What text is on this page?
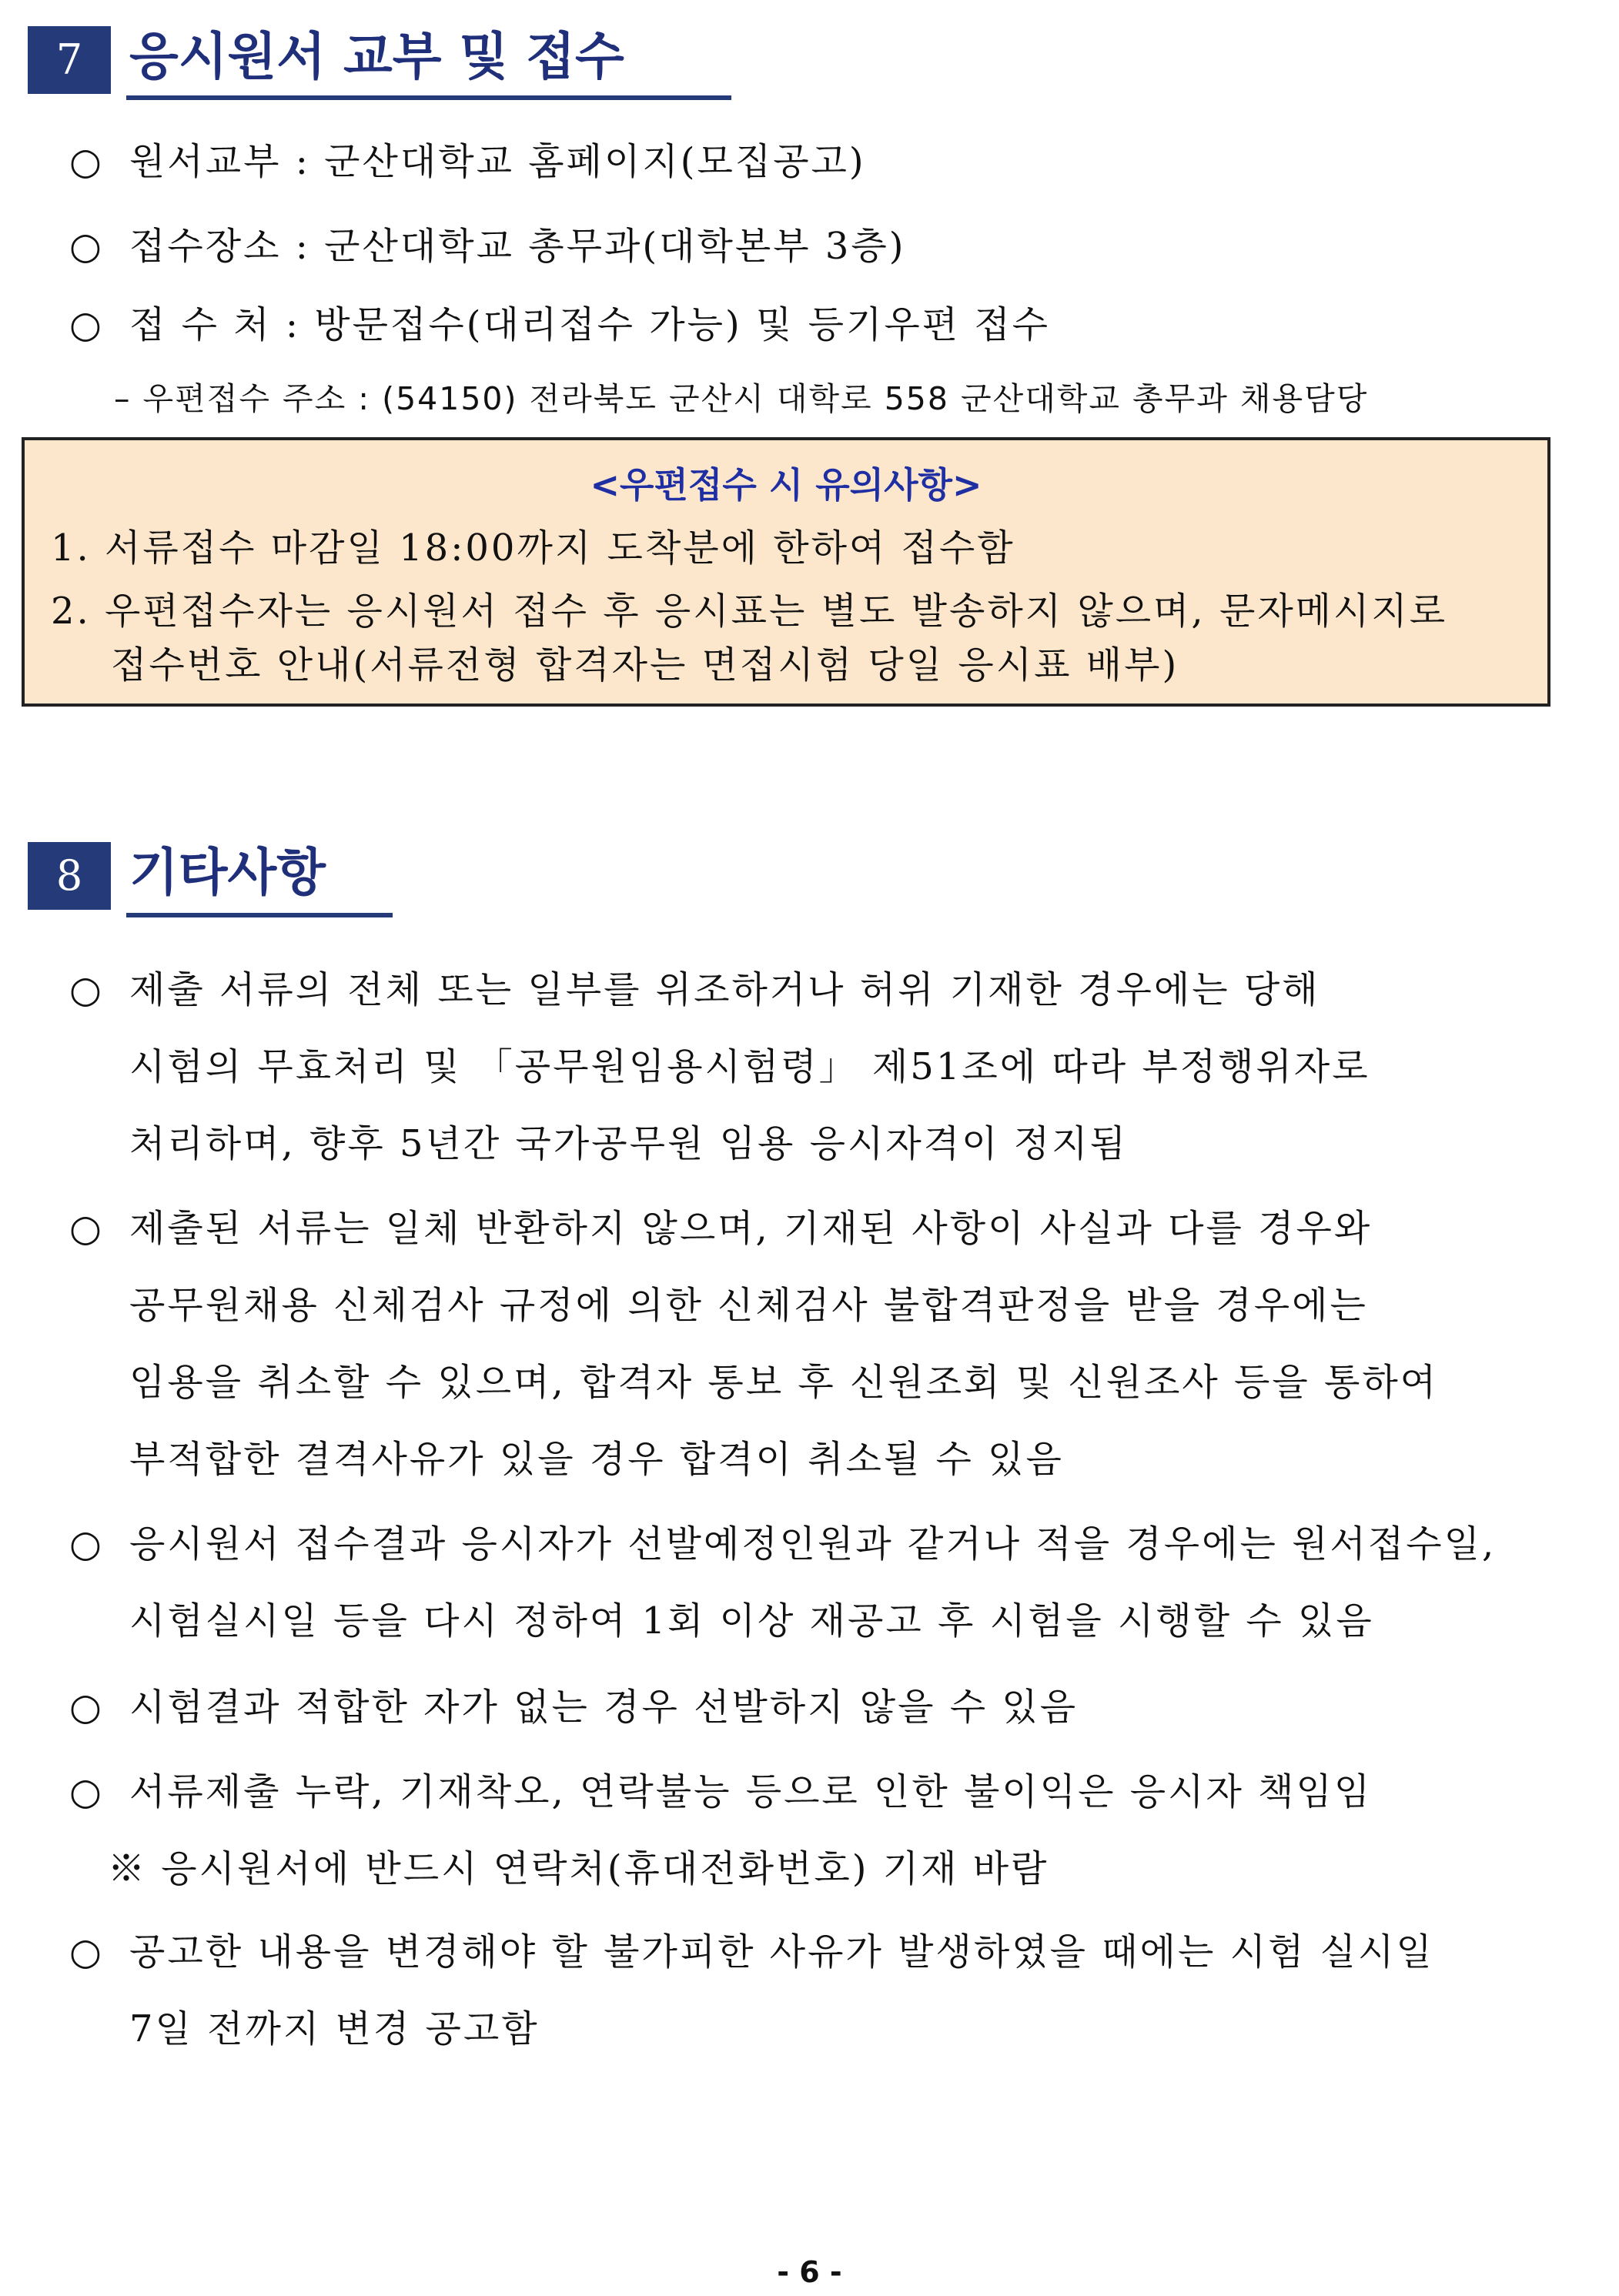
7 응시원서 교부 및 접수
○ 원서교부 : 군산대학교 홈페이지(모집공고)
○ 접수장소 : 군산대학교 총무과(대학본부 3층)
○ 접 수 처 : 방문접수(대리접수 가능) 및 등기우편 접수
– 우편접수 주소 : (54150) 전라북도 군산시 대학로 558 군산대학교 총무과 채용담당
<우편접수 시 유의사항>
1. 서류접수 마감일 18:00까지 도착분에 한하여 접수함
2. 우편접수자는 응시원서 접수 후 응시표는 별도 발송하지 않으며, 문자메시지로
접수번호 안내(서류전형 합격자는 면접시험 당일 응시표 배부)
8 기타사항
○ 제출 서류의 전체 또는 일부를 위조하거나 허위 기재한 경우에는 당해
시험의 무효처리 및 「공무원임용시험령」 제51조에 따라 부정행위자로
처리하며, 향후 5년간 국가공무원 임용 응시자격이 정지됨
○ 제출된 서류는 일체 반환하지 않으며, 기재된 사항이 사실과 다를 경우와
공무원채용 신체검사 규정에 의한 신체검사 불합격판정을 받을 경우에는
임용을 취소할 수 있으며, 합격자 통보 후 신원조회 및 신원조사 등을 통하여
부적합한 결격사유가 있을 경우 합격이 취소될 수 있음
○ 응시원서 접수결과 응시자가 선발예정인원과 같거나 적을 경우에는 원서접수일,
시험실시일 등을 다시 정하여 1회 이상 재공고 후 시험을 시행할 수 있음
○ 시험결과 적합한 자가 없는 경우 선발하지 않을 수 있음
○ 서류제출 누락, 기재착오, 연락불능 등으로 인한 불이익은 응시자 책임임
※ 응시원서에 반드시 연락처(휴대전화번호) 기재 바람
○ 공고한 내용을 변경해야 할 불가피한 사유가 발생하였을 때에는 시험 실시일
7일 전까지 변경 공고함
- 6 -
